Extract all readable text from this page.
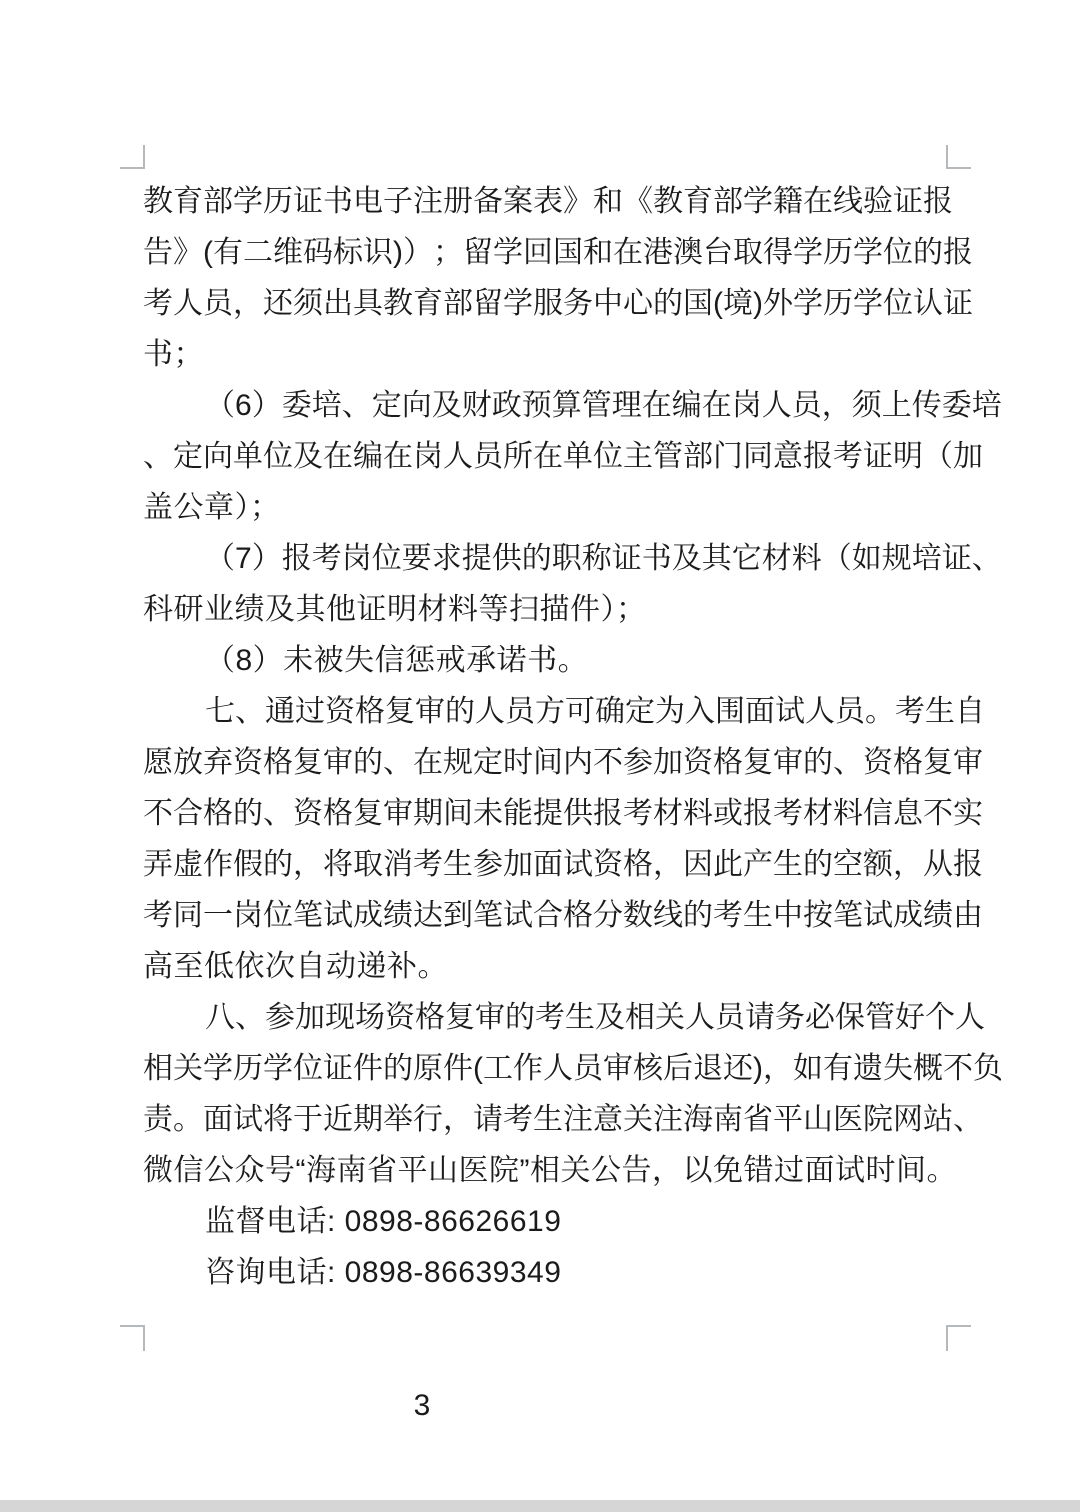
教 育 部 学 历 证 书 电 子 注 册 备 案 表 》 和 《 教 育 部 学 籍 在 线 验 证 报
告 》 ( 有 二 维 码 标 识 ) ） ； 留 学 回 国 和 在 港 澳 台 取 得 学 历 学 位 的 报
考 人 员 ， 还 须 出 具 教 育 部 留 学 服 务 中 心 的 国 ( 境 ) 外 学 历 学 位 认 证
书；
（ 6 ） 委 培 、 定 向 及 财 政 预 算 管 理 在 编 在 岗 人 员 ， 须 上 传 委 培
、 定 向 单 位 及 在 编 在 岗 人 员 所 在 单 位 主 管 部 门 同 意 报 考 证 明 （ 加
盖公章）；
（ 7 ） 报 考 岗 位 要 求 提 供 的 职 称 证 书 及 其 它 材 料 （ 如 规 培 证 、
科研业绩及其他证明材料等扫描件）；
（8）未被失信惩戒承诺书。
七 、 通 过 资 格 复 审 的 人 员 方 可 确 定 为 入 围 面 试 人 员 。 考 生 自
愿 放 弃 资 格 复 审 的 、 在 规 定 时 间 内 不 参 加 资 格 复 审 的 、 资 格 复 审
不 合 格 的 、 资 格 复 审 期 间 未 能 提 供 报 考 材 料 或 报 考 材 料 信 息 不 实
弄 虚 作 假 的 ， 将 取 消 考 生 参 加 面 试 资 格 ， 因 此 产 生 的 空 额 ， 从 报
考 同 一 岗 位 笔 试 成 绩 达 到 笔 试 合 格 分 数 线 的 考 生 中 按 笔 试 成 绩 由
高至低依次自动递补。
八 、 参 加 现 场 资 格 复 审 的 考 生 及 相 关 人 员 请 务 必 保 管 好 个 人
相 关 学 历 学 位 证 件 的 原 件 ( 工 作 人 员 审 核 后 退 还 ) ， 如 有 遗 失 概 不 负
责 。 面 试 将 于 近 期 举 行 ， 请 考 生 注 意 关 注 海 南 省 平 山 医 院 网 站 、
微信公众号“海南省平山医院”相关公告，以免错过面试时间。
监督电话: 0898-86626619
咨询电话: 0898-86639349
3
